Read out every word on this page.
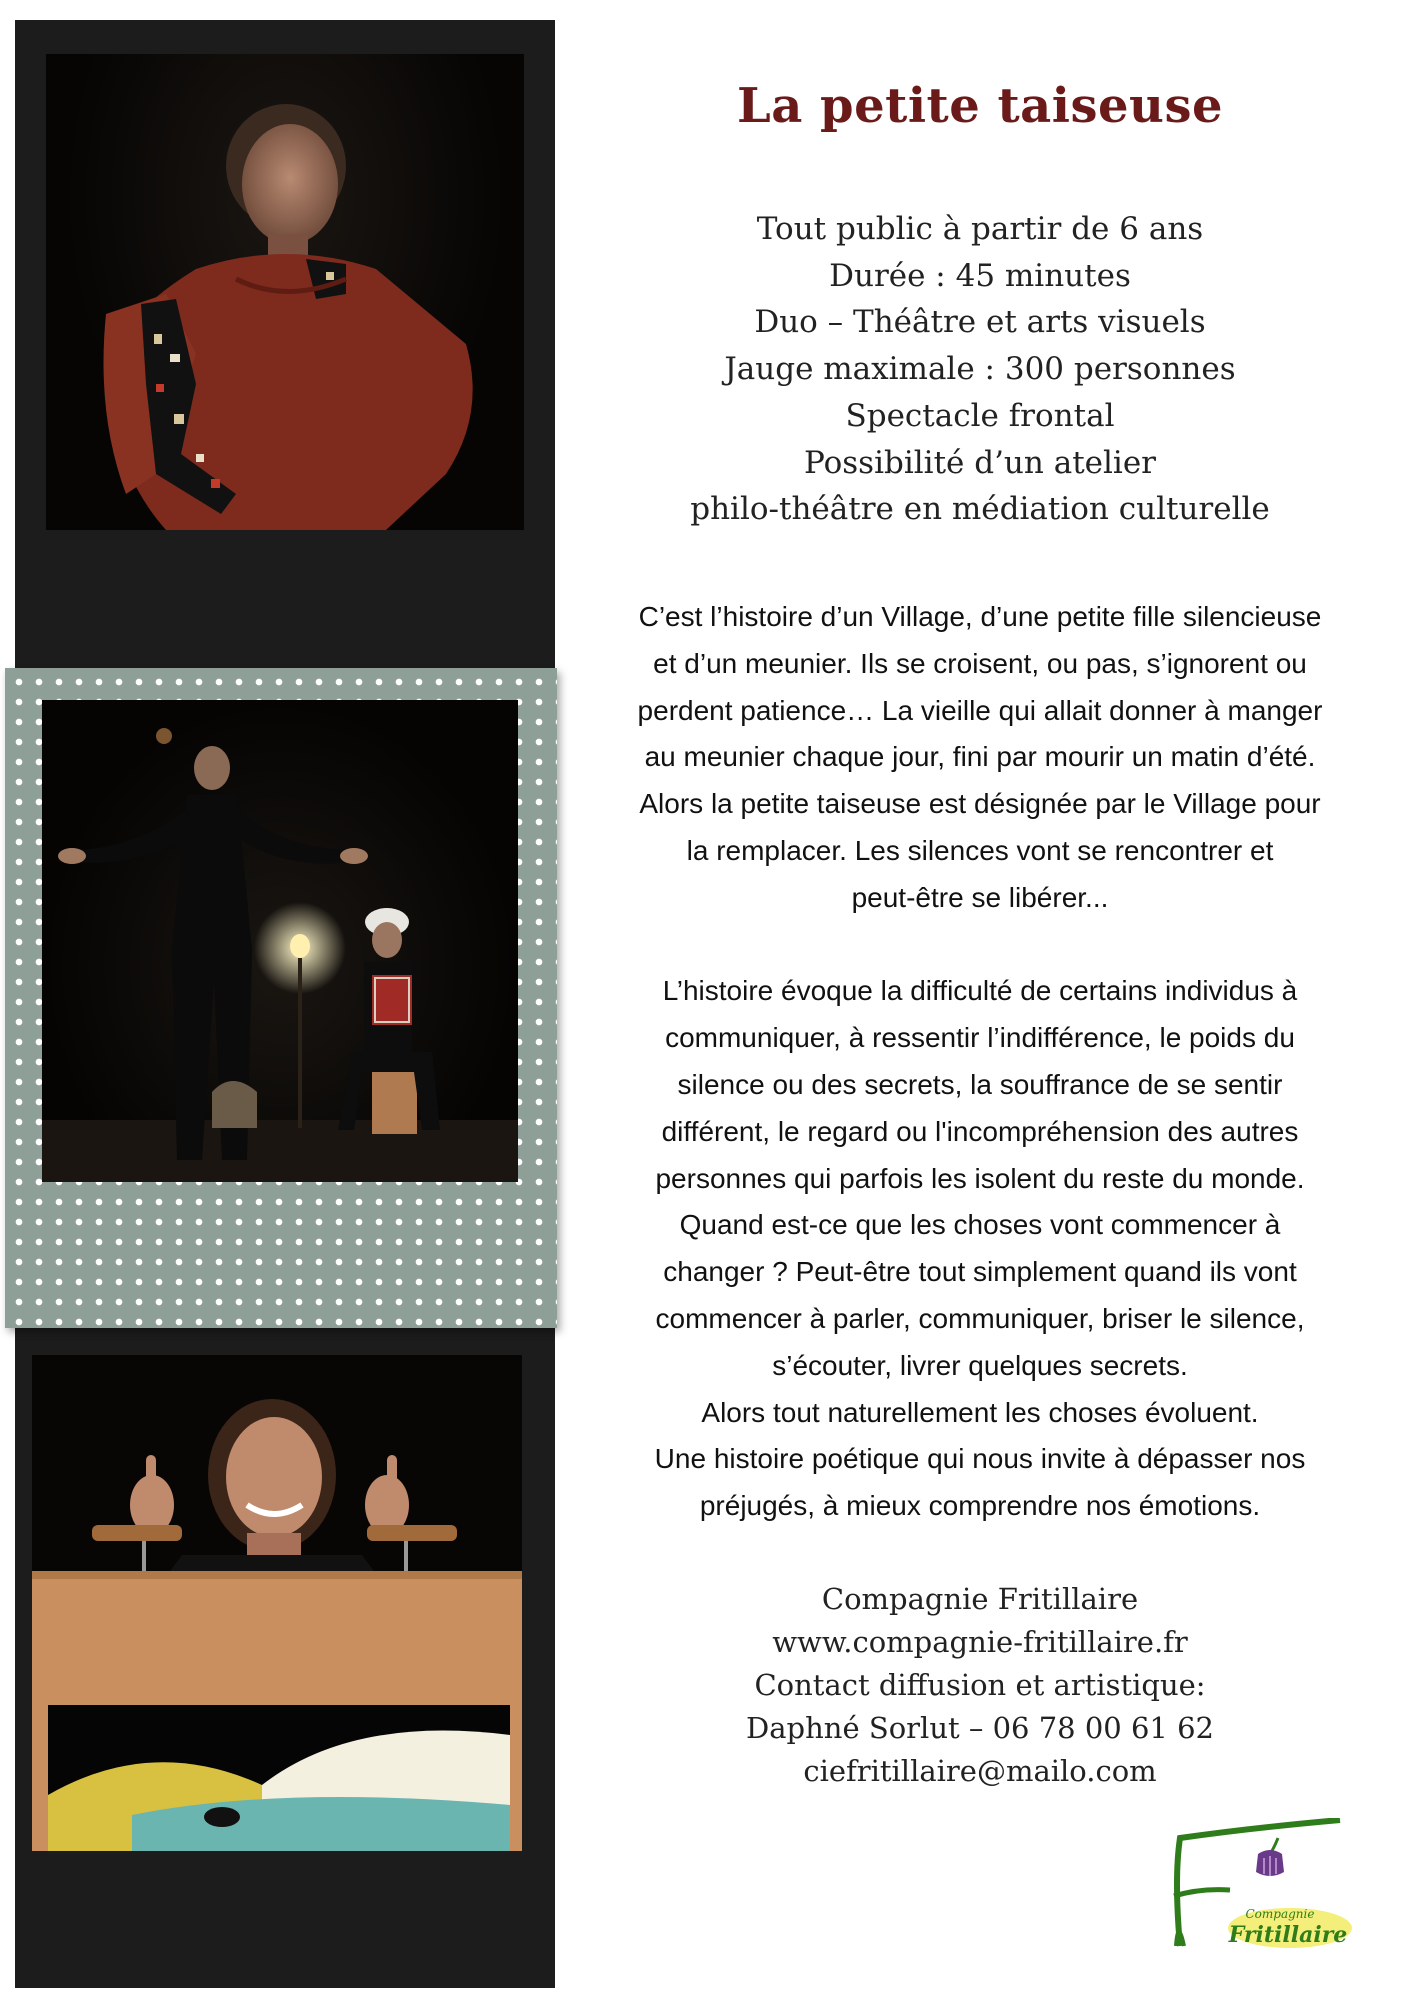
La petite taiseuse
Tout public à partir de 6 ans
Durée : 45 minutes
Duo – Théâtre et arts visuels
Jauge maximale : 300 personnes
Spectacle frontal
Possibilité d’un atelier
philo-théâtre en médiation culturelle
C’est l’histoire d’un Village, d’une petite fille silencieuse
et d’un meunier. Ils se croisent, ou pas, s’ignorent ou
perdent patience… La vieille qui allait donner à manger
au meunier chaque jour, fini par mourir un matin d’été.
Alors la petite taiseuse est désignée par le Village pour
la remplacer. Les silences vont se rencontrer et
peut-être se libérer...
L’histoire évoque la difficulté de certains individus à
communiquer, à ressentir l’indifférence, le poids du
silence ou des secrets, la souffrance de se sentir
différent, le regard ou l'incompréhension des autres
personnes qui parfois les isolent du reste du monde.
Quand est-ce que les choses vont commencer à
changer ? Peut-être tout simplement quand ils vont
commencer à parler, communiquer, briser le silence,
s’écouter, livrer quelques secrets.
Alors tout naturellement les choses évoluent.
Une histoire poétique qui nous invite à dépasser nos
préjugés, à mieux comprendre nos émotions.
Compagnie Fritillaire
www.compagnie-fritillaire.fr
Contact diffusion et artistique:
Daphné Sorlut – 06 78 00 61 62
ciefritillaire@mailo.com
Compagnie
Fritillaire
